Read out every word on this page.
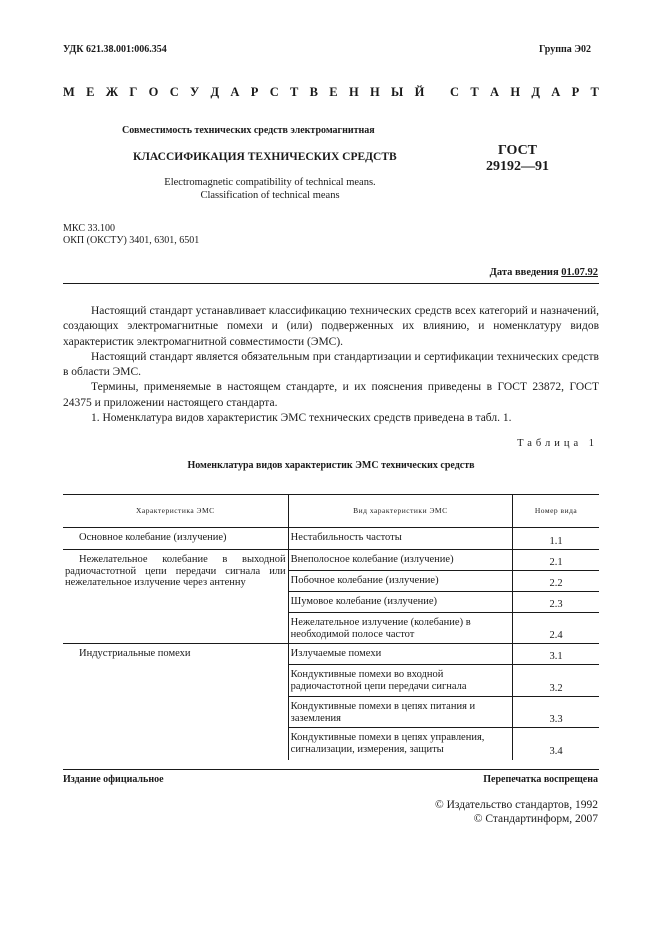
УДК 621.38.001:006.354	Группа Э02
М Е Ж Г О С У Д А Р С Т В Е Н Н Ы Й
С Т А Н Д А Р Т
Совместимость технических средств электромагнитная
КЛАССИФИКАЦИЯ ТЕХНИЧЕСКИХ СРЕДСТВ	ГОСТ
29192—91
Electromagnetic compatibility of technical means.
Classification of technical means
МКС 33.100
ОКП (ОКСТУ) 3401, 6301, 6501
Дата введения 01.07.92

Настоящий стандарт устанавливает классификацию технических средств всех категорий и назначений, создающих электромагнитные помехи и (или) подверженных их влиянию, и номенклатуру видов характеристик электромагнитной совместимости (ЭМС).

Настоящий стандарт является обязательным при стандартизации и сертификации технических средств в области ЭМС.

Термины, применяемые в настоящем стандарте, и их пояснения приведены в ГОСТ 23872, ГОСТ 24375 и приложении настоящего стандарта.

1. Номенклатура видов характеристик ЭМС технических средств приведена в табл. 1.

Таблица 1
Номенклатура видов характеристик ЭМС технических средств
Характеристика ЭМС	Вид характеристики ЭМС	Номер вида

Основное колебание (излучение)	Нестабильность частоты	1.1

Нежелательное колебание в выходной радиочастотной цепи передачи сигнала или нежелательное излучение через антенну	Внеполосное колебание (излучение)	2.1
	Побочное колебание (излучение)	2.2
	Шумовое колебание (излучение)	2.3
	Нежелательное излучение (колебание) в необходимой полосе частот	2.4

Индустриальные помехи	Излучаемые помехи	3.1
	Кондуктивные помехи во входной радиочастотной цепи передачи сигнала	3.2
	Кондуктивные помехи в цепях питания и заземления	3.3
	Кондуктивные помехи в цепях управления, сигнализации, измерения, защиты	3.4
Издание официальное	Перепечатка воспрещена
© Издательство стандартов, 1992
© Стандартинформ, 2007
